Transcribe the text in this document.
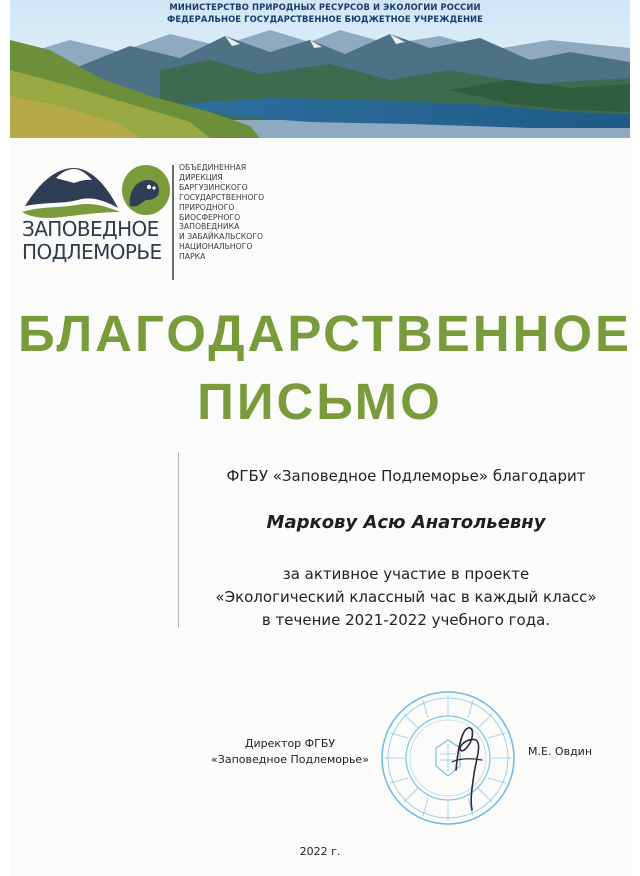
МИНИСТЕРСТВО ПРИРОДНЫХ РЕСУРСОВ И ЭКОЛОГИИ РОССИИ
ФЕДЕРАЛЬНОЕ ГОСУДАРСТВЕННОЕ БЮДЖЕТНОЕ УЧРЕЖДЕНИЕ
ЗАПОВЕДНОЕ
ПОДЛЕМОРЬЕ
ОБЪЕДИНЕННАЯ
ДИРЕКЦИЯ
БАРГУЗИНСКОГО
ГОСУДАРСТВЕННОГО
ПРИРОДНОГО
БИОСФЕРНОГО
ЗАПОВЕДНИКА
И ЗАБАЙКАЛЬСКОГО
НАЦИОНАЛЬНОГО
ПАРКА
БЛАГОДАРСТВЕННОЕ
ПИСЬМО
ФГБУ «Заповедное Подлеморье» благодарит
Маркову Асю Анатольевну
за активное участие в проекте
«Экологический классный час в каждый класс»
в течение 2021-2022 учебного года.
Директор ФГБУ
«Заповедное Подлеморье»
М.Е. Овдин
2022 г.
